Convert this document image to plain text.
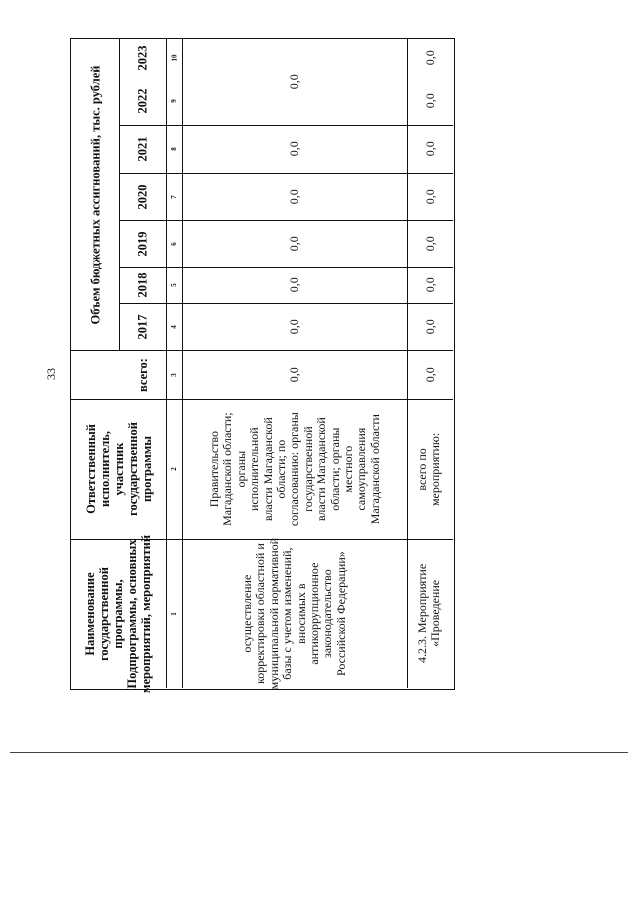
33
Объем бюджетных ассигнований, тыс. рублей
2023
2022
2021
2020
2019
2018
2017
всего:
Ответственный исполнитель, участник государственной программы
Наименование государственной программы, Подпрограммы, основных мероприятий, мероприятий
10
9
8
7
6
5
4
3
2
1
0,0
0,0
0,0
0,0
0,0
0,0
0,0
Правительство Магаданской области; органы исполнительной власти Магаданской области; по согласованию: органы государственной власти Магаданской области; органы местного самоуправления Магаданской области
осуществление корректировки областной и муниципальной нормативной базы с учетом изменений, вносимых в антикоррупционное законодательство Российской Федерации»
0,0
0,0
0,0
0,0
0,0
0,0
0,0
0,0
всего по мероприятию:
4.2.3. Мероприятие «Проведение
